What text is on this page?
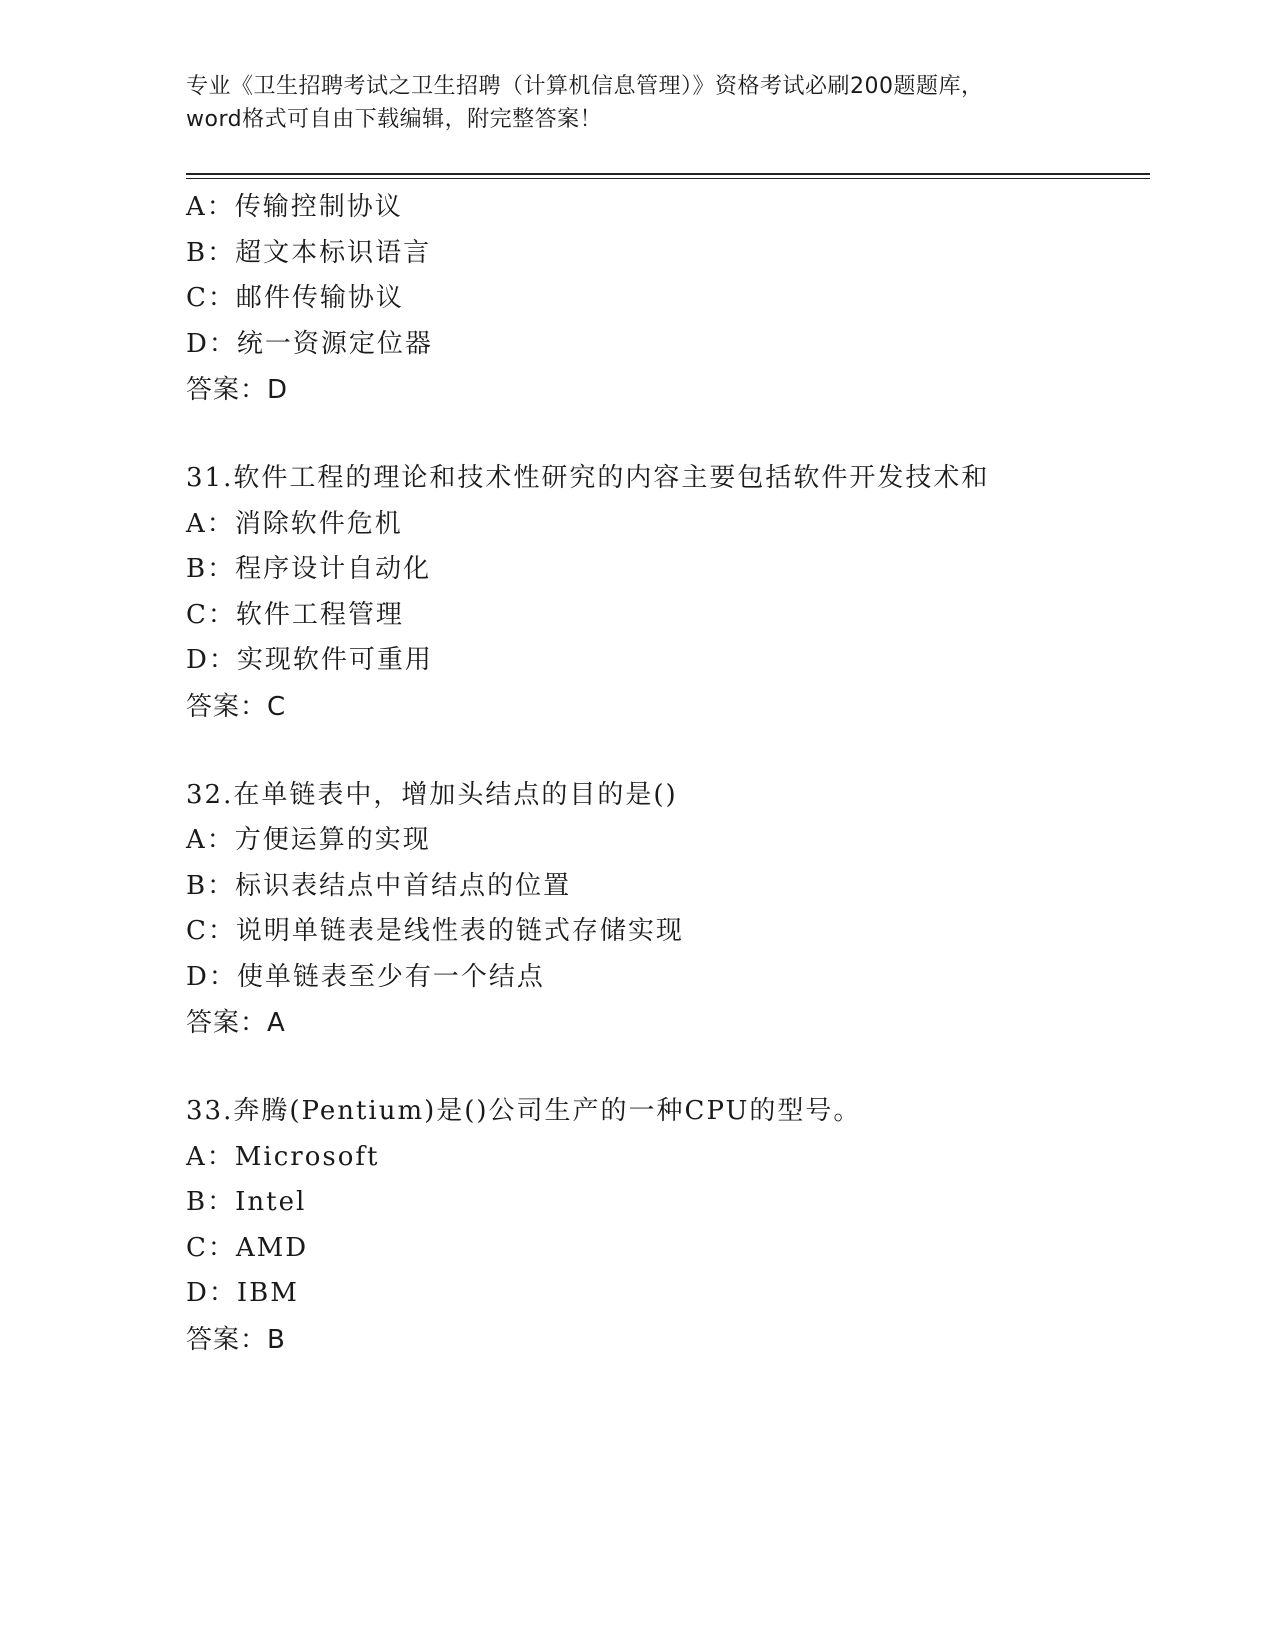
专业《卫生招聘考试之卫生招聘（计算机信息管理）》资格考试必刷200题题库，

word格式可自由下载编辑，附完整答案！

A：传输控制协议
B：超文本标识语言
C：邮件传输协议
D：统一资源定位器
答案：D
31.软件工程的理论和技术性研究的内容主要包括软件开发技术和
A：消除软件危机
B：程序设计自动化
C：软件工程管理
D：实现软件可重用
答案：C
32.在单链表中，增加头结点的目的是()
A：方便运算的实现
B：标识表结点中首结点的位置
C：说明单链表是线性表的链式存储实现
D：使单链表至少有一个结点
答案：A
33.奔腾(Pentium)是()公司生产的一种CPU的型号。
A：Microsoft
B：Intel
C：AMD
D：IBM
答案：B
